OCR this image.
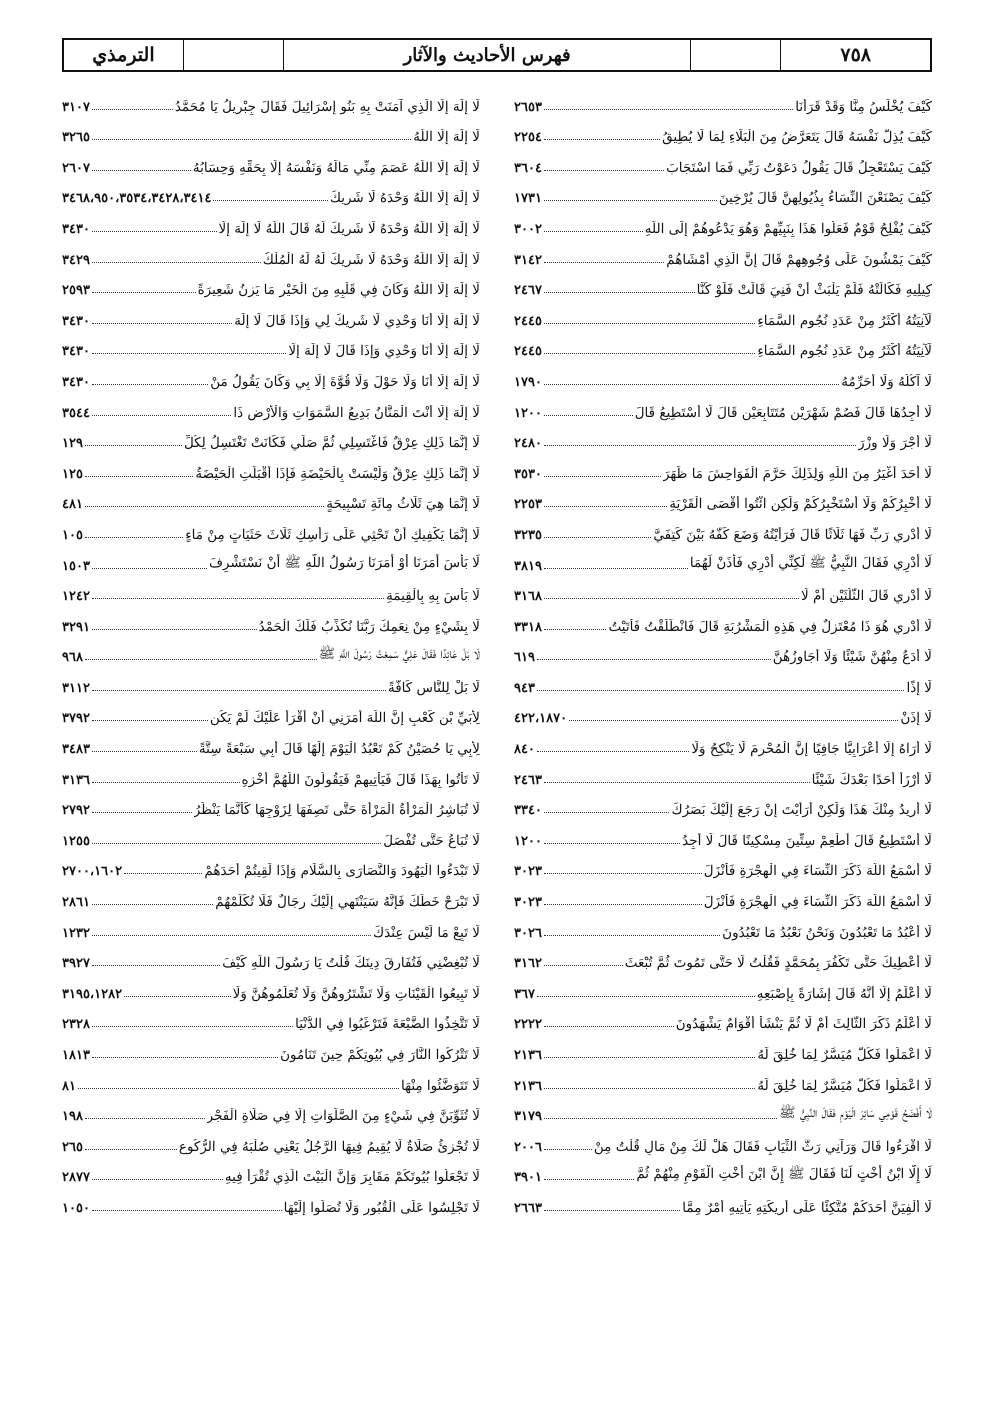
٧٥٨
فهرس الأحاديث والآثار
الترمذي
كَيْفَ يُخْلَسُ مِنَّا وَقَدْ قَرَأْنَا
٢٦٥٣
كَيْفَ يُذِلُّ نَفْسَهُ قَالَ يَتَعَرَّضُ مِنَ الْبَلَاءِ لِمَا لَا يُطِيقُ
٢٢٥٤
كَيْفَ يَسْتَعْجِلُ قَالَ يَقُولُ دَعَوْتُ رَبِّي فَمَا اسْتَجَابَ
٣٦٠٤
كَيْفَ يَصْنَعْنَ النِّسَاءُ بِذُيُولِهِنَّ قَالَ يُرْخِينَ
١٧٣١
كَيْفَ يُفْلِحُ قَوْمٌ فَعَلُوا هَذَا بِنَبِيِّهِمْ وَهُوَ يَدْعُوهُمْ إِلَى اللَّهِ
٣٠٠٢
كَيْفَ يَمْشُونَ عَلَى وُجُوهِهِمْ قَالَ إِنَّ الَّذِي أَمْشَاهُمْ
٣١٤٢
كِيلِيهِ فَكَالَتْهُ فَلَمْ يَلْبَثْ أَنْ فَنِيَ قَالَتْ فَلَوْ كُنَّا
٢٤٦٧
لَآنِيَتُهُ أَكْثَرُ مِنْ عَدَدِ نُجُومِ السَّمَاءِ
٢٤٤٥
لَآنِيَتُهُ أَكْثَرُ مِنْ عَدَدِ نُجُومِ السَّمَاءِ
٢٤٤٥
لَا آكُلُهُ وَلَا أُحَرِّمُهُ
١٧٩٠
لَا أَجِدُهَا قَالَ فَصُمْ شَهْرَيْنِ مُتَتَابِعَيْنِ قَالَ لَا أَسْتَطِيعُ قَالَ
١٢٠٠
لَا أَجْرَ وَلَا وِزْرَ
٢٤٨٠
لَا أَحَدَ أَغْيَرُ مِنَ اللَّهِ وَلِذَلِكَ حَرَّمَ الْفَوَاحِشَ مَا ظَهَرَ
٣٥٣٠
لَا أُخْبِرُكُمْ وَلَا أَسْتَخْبِرُكُمْ وَلَكِنِ ائْتُوا أَقْصَى الْقَرْيَةِ
٢٢٥٣
لَا أَدْرِي رَبِّ فَهَا ثَلَاثًا قَالَ فَرَأَيْتُهُ وَضَعَ كَفَّهُ بَيْنَ كَتِفَيَّ
٣٢٣٥
لَا أَدْرِي فَقَالَ النَّبِيُّ ﷺ لَكِنِّي أَدْرِي فَأْذَنْ لَهُمَا
٣٨١٩
لَا أَدْرِي قَالَ الثُّلُثَيْنِ أَمْ لَا
٣١٦٨
لَا أَدْرِي هُوَ ذَا مُعْتَزِلٌ فِي هَذِهِ الْمَشْرُبَةِ قَالَ فَانْطَلَقْتُ فَأَتَيْتُ
٣٣١٨
لَا أَدَعُ مِنْهُنَّ شَيْئًا وَلَا أُجَاوِزُهُنَّ
٦١٩
لَا إِذًا
٩٤٣
لَا إِذَنْ
٤٢٢،١٨٧٠
لَا أَرَاهُ إِلَّا أَعْرَابِيًّا جَافِيًا إِنَّ الْمُحْرِمَ لَا يَنْكِحُ وَلَا
٨٤٠
لَا أَرْزَأُ أَحَدًا بَعْدَكَ شَيْئًا
٢٤٦٣
لَا أُرِيدُ مِنْكَ هَذَا وَلَكِنْ أَرَأَيْتَ إِنْ رَجَعَ إِلَيْكَ بَصَرُكَ
٣٣٤٠
لَا أَسْتَطِيعُ قَالَ أَطْعِمْ سِتِّينَ مِسْكِينًا قَالَ لَا أَجِدُ
١٢٠٠
لَا أَسْمَعُ اللَّهَ ذَكَرَ النِّسَاءَ فِي الْهِجْرَةِ فَأَنْزَلَ
٣٠٢٣
لَا أَسْمَعُ اللَّهَ ذَكَرَ النِّسَاءَ فِي الْهِجْرَةِ فَأَنْزَلَ
٣٠٢٣
لَا أَعْبُدُ مَا تَعْبُدُونَ وَنَحْنُ نَعْبُدُ مَا تَعْبُدُونَ
٣٠٢٦
لَا أُعْطِيكَ حَتَّى تَكْفُرَ بِمُحَمَّدٍ فَقُلْتُ لَا حَتَّى تَمُوتَ ثُمَّ تُبْعَثَ
٣١٦٢
لَا أَعْلَمُ إِلَّا أَنَّهُ قَالَ إِشَارَةً بِإِصْبَعِهِ
٣٦٧
لَا أَعْلَمُ ذَكَرَ الثَّالِثَ أَمْ لَا ثُمَّ يَنْشَأُ أَقْوَامٌ يَشْهَدُونَ
٢٢٢٢
لَا اعْمَلُوا فَكُلٌّ مُيَسَّرٌ لِمَا خُلِقَ لَهُ
٢١٣٦
لَا اعْمَلُوا فَكُلٌّ مُيَسَّرٌ لِمَا خُلِقَ لَهُ
٢١٣٦
لَا أَفْضَحُ قَوْمِي سَائِرَ الْيَوْمِ فَقَالَ النَّبِيُّ ﷺ
٣١٧٩
لَا اقْرَءُوا قَالَ وَرَآنِي رَثَّ الثِّيَابِ فَقَالَ هَلْ لَكَ مِنْ مَالٍ قُلْتُ مِنْ
٢٠٠٦
لَا إِلَّا ابْنُ أُخْتٍ لَنَا فَقَالَ ﷺ إِنَّ ابْنَ أُخْتِ الْقَوْمِ مِنْهُمْ ثُمَّ
٣٩٠١
لَا أُلْفِيَنَّ أَحَدَكُمْ مُتَّكِئًا عَلَى أَرِيكَتِهِ يَأْتِيهِ أَمْرٌ مِمَّا
٢٦٦٣
لَا إِلَهَ إِلَّا الَّذِي آمَنَتْ بِهِ بَنُو إِسْرَائِيلَ فَقَالَ جِبْرِيلُ يَا مُحَمَّدُ
٣١٠٧
لَا إِلَهَ إِلَّا اللَّهُ
٣٢٦٥
لَا إِلَهَ إِلَّا اللَّهُ عَصَمَ مِنِّي مَالَهُ وَنَفْسَهُ إِلَّا بِحَقِّهِ وَحِسَابُهُ
٢٦٠٧
لَا إِلَهَ إِلَّا اللَّهُ وَحْدَهُ لَا شَرِيكَ
٣٤٦٨،٩٥٠،٣٥٣٤،٣٤٢٨،٣٤١٤
لَا إِلَهَ إِلَّا اللَّهُ وَحْدَهُ لَا شَرِيكَ لَهُ قَالَ اللَّهُ لَا إِلَهَ إِلَّا
٣٤٣٠
لَا إِلَهَ إِلَّا اللَّهُ وَحْدَهُ لَا شَرِيكَ لَهُ لَهُ الْمُلْكُ
٣٤٢٩
لَا إِلَهَ إِلَّا اللَّهُ وَكَانَ فِي قَلْبِهِ مِنَ الْخَيْرِ مَا يَزِنُ شَعِيرَةً
٢٥٩٣
لَا إِلَهَ إِلَّا أَنَا وَحْدِي لَا شَرِيكَ لِي وَإِذَا قَالَ لَا إِلَهَ
٣٤٣٠
لَا إِلَهَ إِلَّا أَنَا وَحْدِي وَإِذَا قَالَ لَا إِلَهَ إِلَّا
٣٤٣٠
لَا إِلَهَ إِلَّا أَنَا وَلَا حَوْلَ وَلَا قُوَّةَ إِلَّا بِي وَكَانَ يَقُولُ مَنْ
٣٤٣٠
لَا إِلَهَ إِلَّا أَنْتَ الْمَنَّانُ بَدِيعُ السَّمَوَاتِ وَالْأَرْضِ ذَا
٣٥٤٤
لَا إِنَّمَا ذَلِكِ عِرْقٌ فَاغْتَسِلِي ثُمَّ صَلِّي فَكَانَتْ تَغْتَسِلُ لِكُلِّ
١٢٩
لَا إِنَّمَا ذَلِكِ عِرْقٌ وَلَيْسَتْ بِالْحَيْضَةِ فَإِذَا أَقْبَلَتِ الْحَيْضَةُ
١٢٥
لَا إِنَّمَا هِيَ ثَلَاثُ مِائَةِ تَسْبِيحَةٍ
٤٨١
لَا إِنَّمَا يَكْفِيكِ أَنْ تَحْثِي عَلَى رَأْسِكِ ثَلَاثَ حَثَيَاتٍ مِنْ مَاءٍ
١٠٥
لَا بَأْسَ أَمَرَنَا أَوْ أَمَرَنَا رَسُولُ اللَّهِ ﷺ أَنْ نَسْتَشْرِفَ
١٥٠٣
لَا بَأْسَ بِهِ بِالْقِيمَةِ
١٢٤٢
لَا بِشَيْءٍ مِنْ نِعَمِكَ رَبَّنَا نُكَذِّبُ فَلَكَ الْحَمْدُ
٣٢٩١
لَا بَلْ عَائِدًا فَقَالَ عَلِيٌّ سَمِعْتُ رَسُولَ اللَّهِ ﷺ
٩٦٨
لَا بَلْ لِلنَّاسِ كَافَّةً
٣١١٢
لِأُبَيِّ بْنِ كَعْبٍ إِنَّ اللَّهَ أَمَرَنِي أَنْ أَقْرَأَ عَلَيْكَ لَمْ يَكُنِ
٣٧٩٢
لِأَبِي يَا حُصَيْنُ كَمْ تَعْبُدُ الْيَوْمَ إِلَهًا قَالَ أَبِي سَبْعَةً سِتَّةً
٣٤٨٣
لَا تَأْتُوا بِهَذَا قَالَ فَيَأْتِيهِمْ فَيَقُولُونَ اللَّهُمَّ أَخْزِهِ
٣١٣٦
لَا تُبَاشِرُ الْمَرْأَةُ الْمَرْأَةَ حَتَّى تَصِفَهَا لِزَوْجِهَا كَأَنَّمَا يَنْظُرُ
٢٧٩٢
لَا تُبَاعُ حَتَّى تُفْصَلَ
١٢٥٥
لَا تَبْدَءُوا الْيَهُودَ وَالنَّصَارَى بِالسَّلَامِ وَإِذَا لَقِيتُمْ أَحَدَهُمْ
٢٧٠٠،١٦٠٢
لَا تَبْرَحْ خَطَّكَ فَإِنَّهُ سَيَنْتَهِي إِلَيْكَ رِجَالٌ فَلَا تُكَلِّمْهُمْ
٢٨٦١
لَا تَبِعْ مَا لَيْسَ عِنْدَكَ
١٢٣٢
لَا تُبْغِضْنِي فَتُفَارِقَ دِينَكَ قُلْتُ يَا رَسُولَ اللَّهِ كَيْفَ
٣٩٢٧
لَا تَبِيعُوا الْقَيْنَاتِ وَلَا تَشْتَرُوهُنَّ وَلَا تُعَلِّمُوهُنَّ وَلَا
٣١٩٥،١٢٨٢
لَا تَتَّخِذُوا الضَّيْعَةَ فَتَرْغَبُوا فِي الدُّنْيَا
٢٣٢٨
لَا تَتْرُكُوا النَّارَ فِي بُيُوتِكُمْ حِينَ تَنَامُونَ
١٨١٣
لَا تَتَوَضَّئُوا مِنْهَا
٨١
لَا تُثَوِّبَنَّ فِي شَيْءٍ مِنَ الصَّلَوَاتِ إِلَّا فِي صَلَاةِ الْفَجْرِ
١٩٨
لَا تُجْزِئُ صَلَاةٌ لَا يُقِيمُ فِيهَا الرَّجُلُ يَعْنِي صُلْبَهُ فِي الرُّكُوعِ
٢٦٥
لَا تَجْعَلُوا بُيُوتَكُمْ مَقَابِرَ وَإِنَّ الْبَيْتَ الَّذِي تُقْرَأُ فِيهِ
٢٨٧٧
لَا تَجْلِسُوا عَلَى الْقُبُورِ وَلَا تُصَلُّوا إِلَيْهَا
١٠٥٠
